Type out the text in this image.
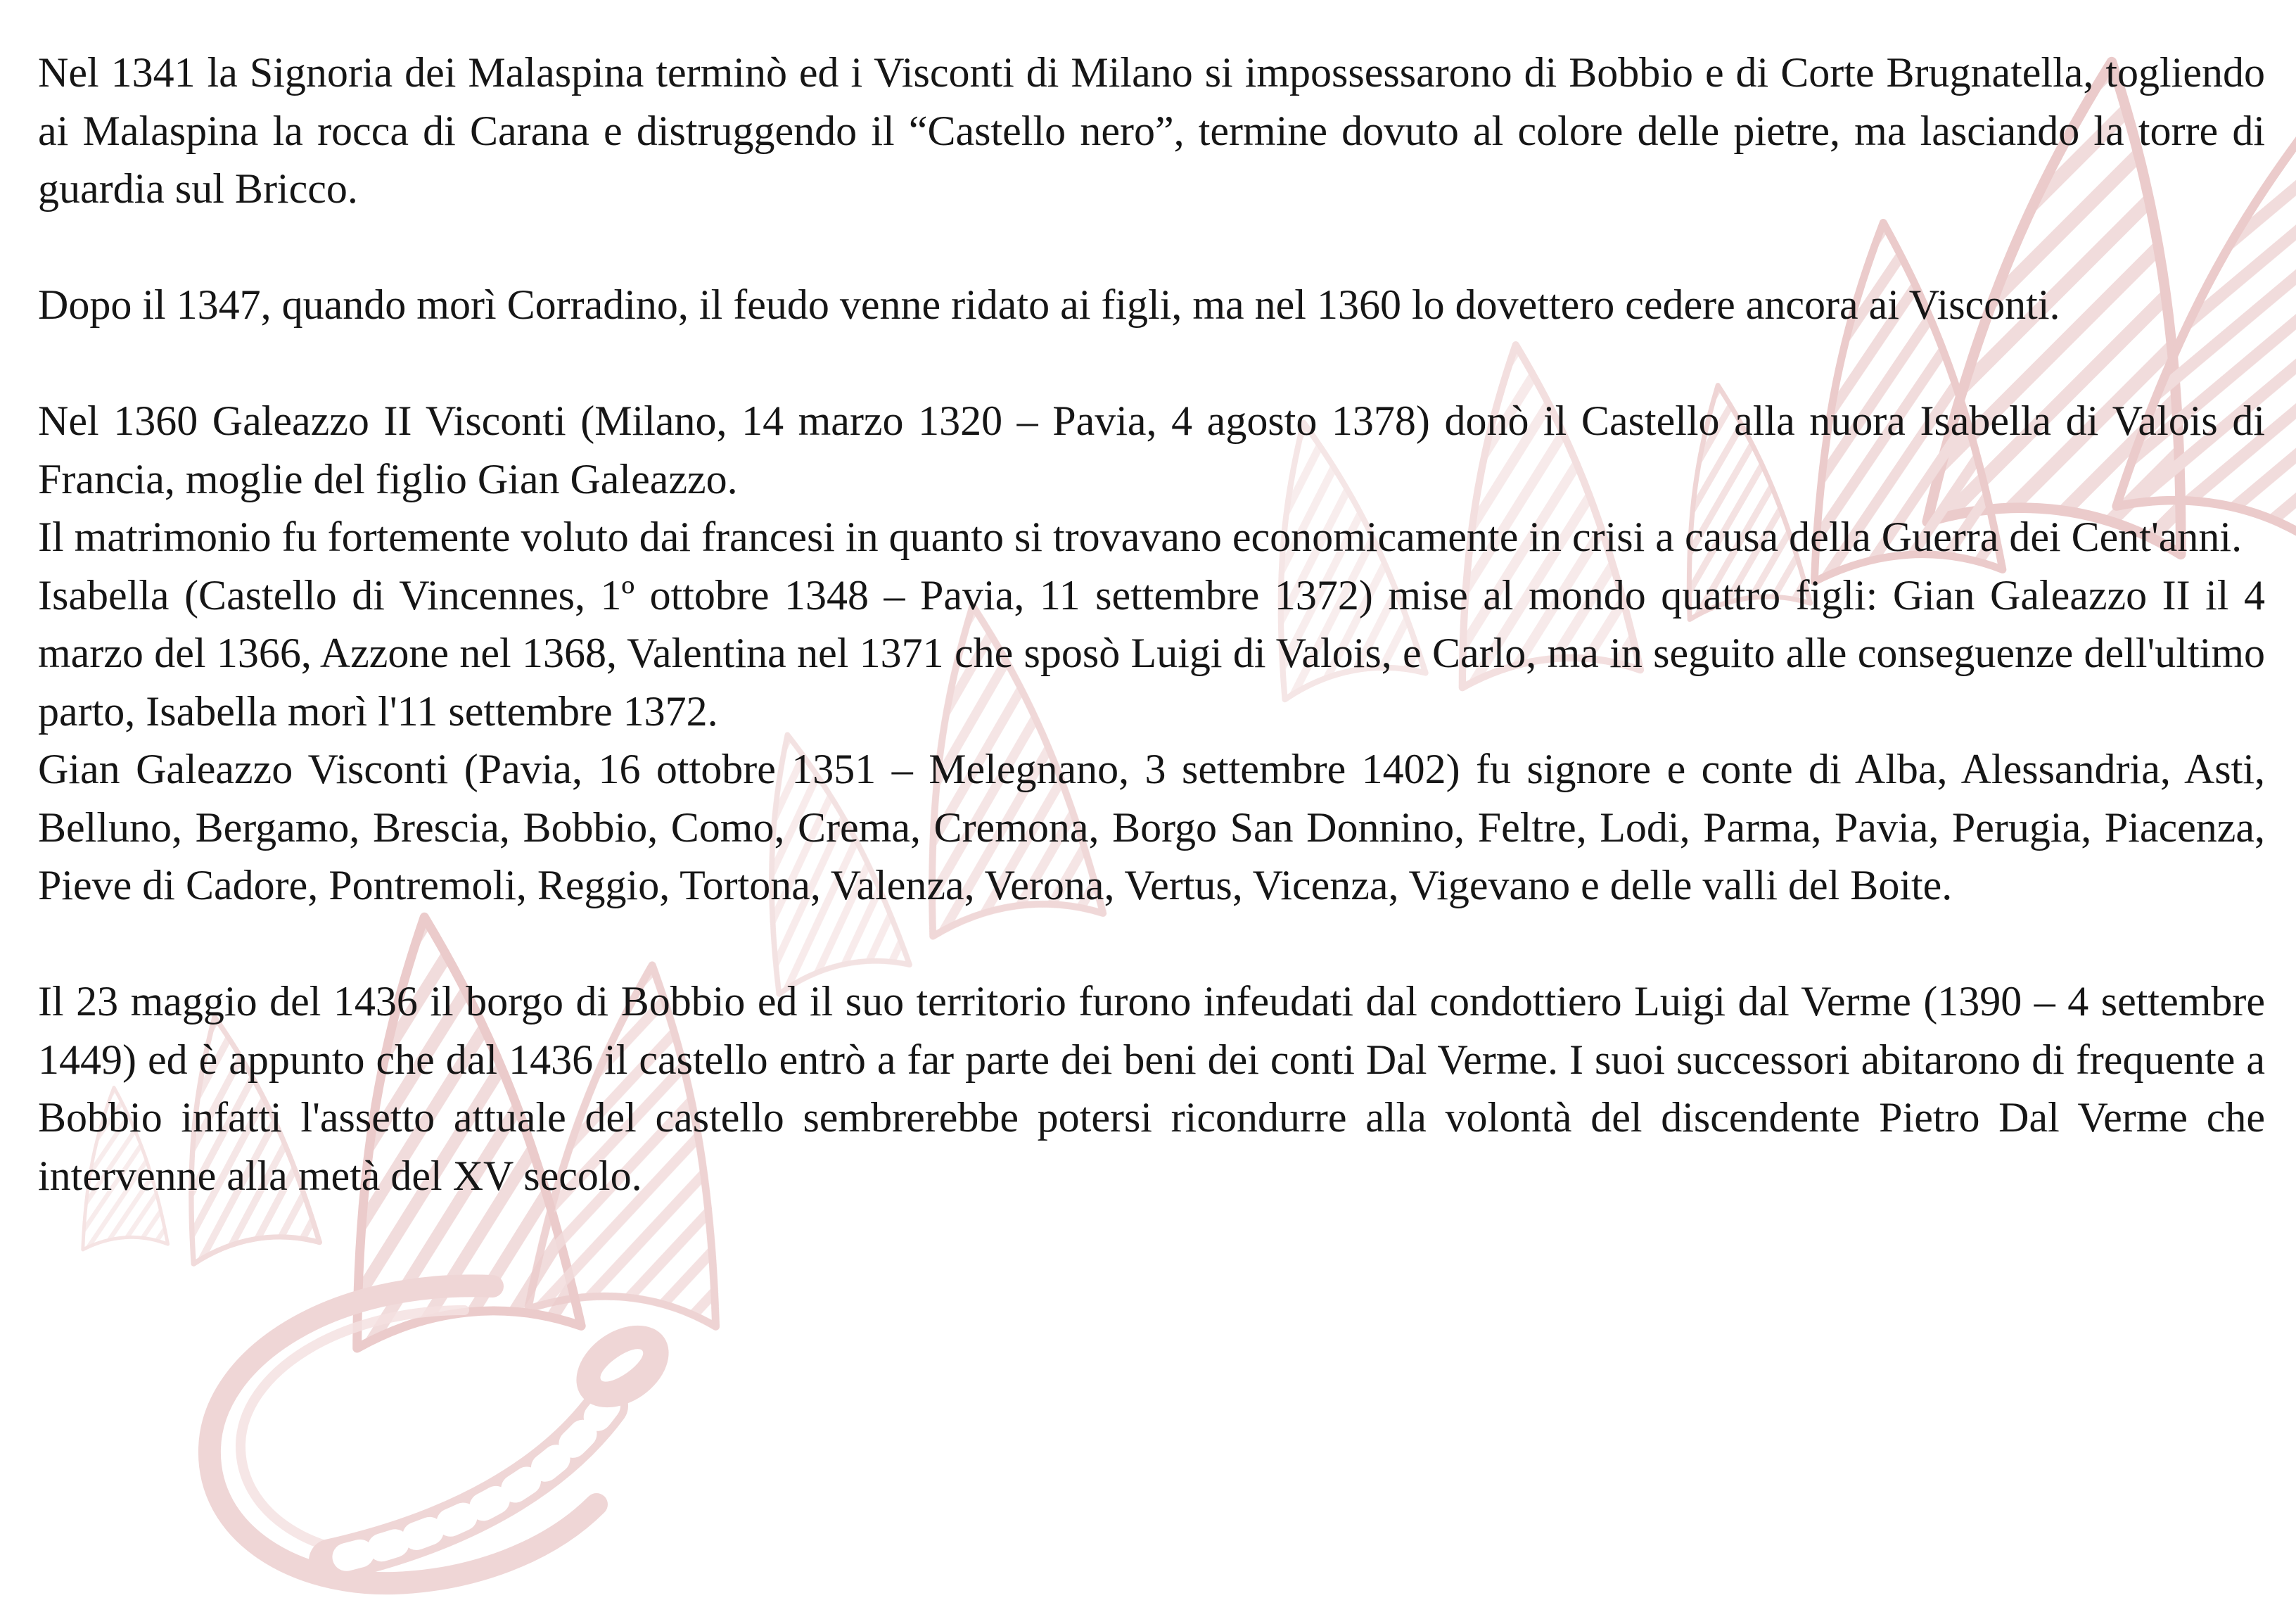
Nel 1341 la Signoria dei Malaspina terminò ed i Visconti di Milano si impossessarono di Bobbio e di Corte Brugnatella, togliendo ai Malaspina la rocca di Carana e distruggendo il “Castello nero”, termine dovuto al colore delle pietre, ma lasciando la torre di guardia sul Bricco.

Dopo il 1347, quando morì Corradino, il feudo venne ridato ai figli, ma nel 1360 lo dovettero cedere ancora ai Visconti.

Nel 1360 Galeazzo II Visconti (Milano, 14 marzo 1320 – Pavia, 4 agosto 1378) donò il Castello alla nuora Isabella di Valois di Francia, moglie del figlio Gian Galeazzo.

Il matrimonio fu fortemente voluto dai francesi in quanto si trovavano economicamente in crisi a causa della Guerra dei Cent'anni.

Isabella (Castello di Vincennes, 1º ottobre 1348 – Pavia, 11 settembre 1372) mise al mondo quattro figli: Gian Galeazzo II il 4 marzo del 1366, Azzone nel 1368, Valentina nel 1371 che sposò Luigi di Valois, e Carlo, ma in seguito alle conseguenze dell'ultimo parto, Isabella morì l'11 settembre 1372.

Gian Galeazzo Visconti (Pavia, 16 ottobre 1351 – Melegnano, 3 settembre 1402) fu signore e conte di Alba, Alessandria, Asti, Belluno, Bergamo, Brescia, Bobbio, Como, Crema, Cremona, Borgo San Donnino, Feltre, Lodi, Parma, Pavia, Perugia, Piacenza, Pieve di Cadore, Pontremoli, Reggio, Tortona, Valenza, Verona, Vertus, Vicenza, Vigevano e delle valli del Boite.

Il 23 maggio del 1436 il borgo di Bobbio ed il suo territorio furono infeudati dal condottiero Luigi dal Verme (1390 – 4 settembre 1449) ed è appunto che dal 1436 il castello entrò a far parte dei beni dei conti Dal Verme. I suoi successori abitarono di frequente a Bobbio infatti l'assetto attuale del castello sembrerebbe potersi ricondurre alla volontà del discendente Pietro Dal Verme che intervenne alla metà del XV secolo.
